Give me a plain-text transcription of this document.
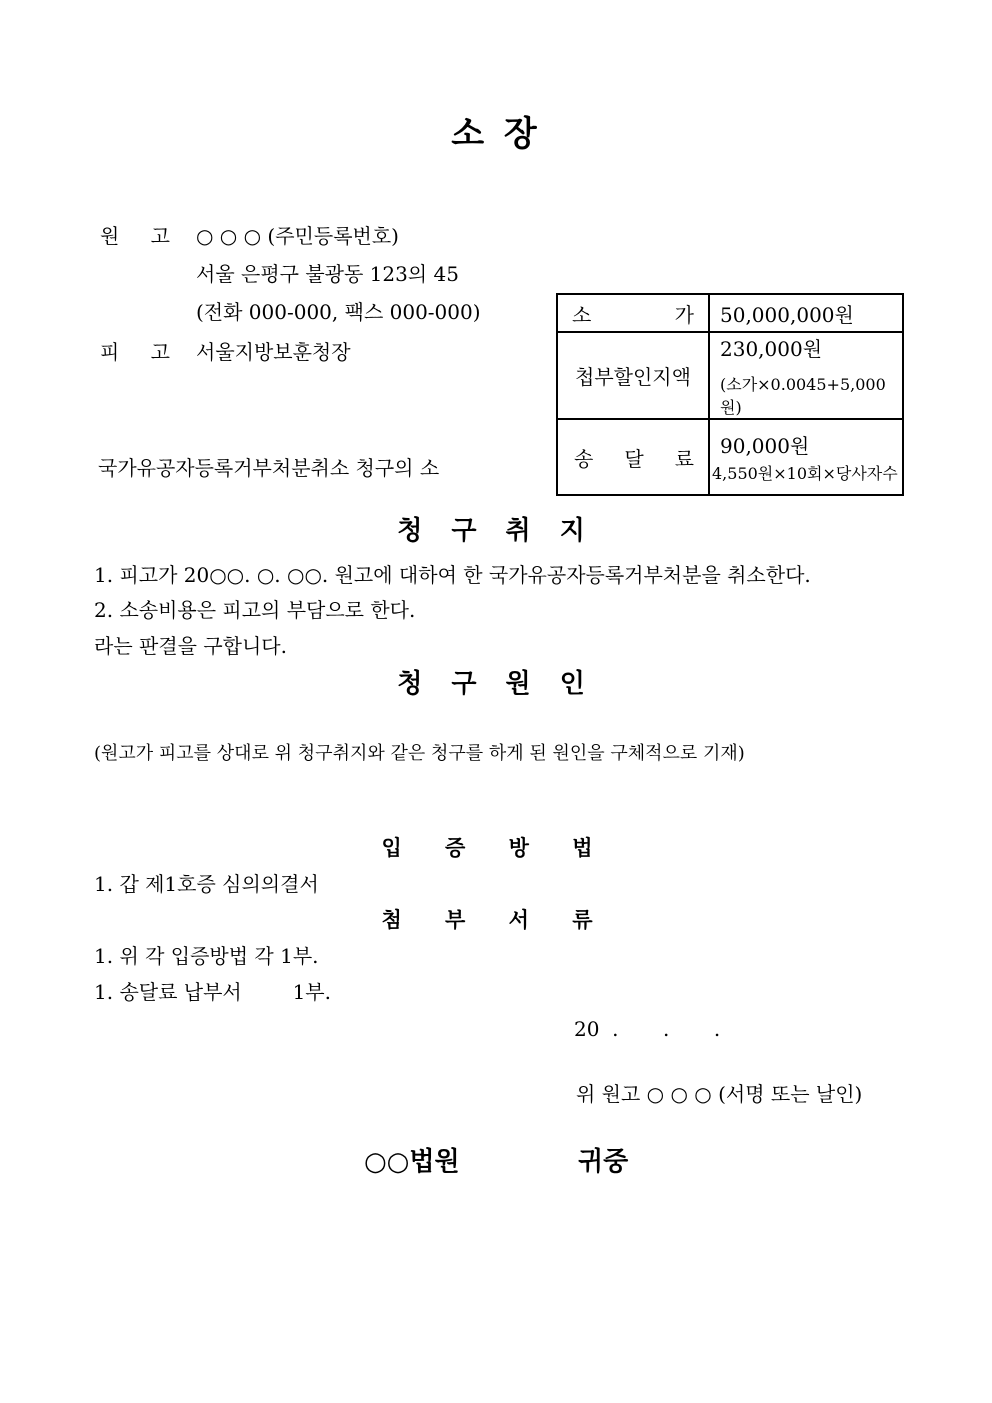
소 장
원 고 ○ ○ ○ (주민등록번호)
서울 은평구 불광동 123의 45
(전화 000-000, 팩스 000-000)
피 고 서울지방보훈청장
국가유공자등록거부처분취소 청구의 소
소 가	50,000,000원
첩부할인지액	230,000원
(소가×0.0045+5,000원)

송 달 료	90,000원
4,550원×10회×당사자수
청 구 취 지
1. 피고가 20○○. ○. ○○. 원고에 대하여 한 국가유공자등록거부처분을 취소한다.
2. 소송비용은 피고의 부담으로 한다.
라는 판결을 구합니다.
청 구 원 인
(원고가 피고를 상대로 위 청구취지와 같은 청구를 하게 된 원인을 구체적으로 기재)
입 증 방 법
1. 갑 제1호증 심의의결서
첨 부 서 류
1. 위 각 입증방법 각 1부.
1. 송달료 납부서        1부.
20  .       .       .
위 원고 ○ ○ ○ (서명 또는 날인)
○○법원	귀중
